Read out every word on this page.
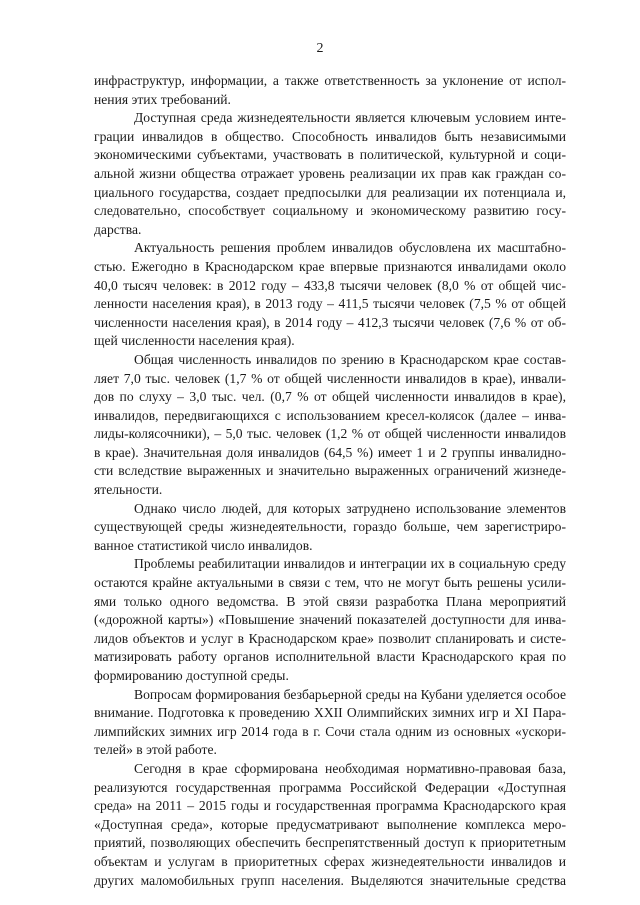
2

инфраструктур, информации, а также ответственность за уклонение от испол-
нения этих требований.

Доступная среда жизнедеятельности является ключевым условием инте-
грации инвалидов в общество. Способность инвалидов быть независимыми
экономическими субъектами, участвовать в политической, культурной и соци-
альной жизни общества отражает уровень реализации их прав как граждан со-
циального государства, создает предпосылки для реализации их потенциала и,
следовательно, способствует социальному и экономическому развитию госу-
дарства.

Актуальность решения проблем инвалидов обусловлена их масштабно-
стью. Ежегодно в Краснодарском крае впервые признаются инвалидами около
40,0 тысяч человек: в 2012 году – 433,8 тысячи человек (8,0 % от общей чис-
ленности населения края), в 2013 году – 411,5 тысячи человек (7,5 % от общей
численности населения края), в 2014 году – 412,3 тысячи человек (7,6 % от об-
щей численности населения края).

Общая численность инвалидов по зрению в Краснодарском крае состав-
ляет 7,0 тыс. человек (1,7 % от общей численности инвалидов в крае), инвали-
дов по слуху – 3,0 тыс. чел. (0,7 % от общей численности инвалидов в крае),
инвалидов, передвигающихся с использованием кресел-колясок (далее – инва-
лиды-колясочники), – 5,0 тыс. человек (1,2 % от общей численности инвалидов
в крае). Значительная доля инвалидов (64,5 %) имеет 1 и 2 группы инвалидно-
сти вследствие выраженных и значительно выраженных ограничений жизнеде-
ятельности.

Однако число людей, для которых затруднено использование элементов
существующей среды жизнедеятельности, гораздо больше, чем зарегистриро-
ванное статистикой число инвалидов.

Проблемы реабилитации инвалидов и интеграции их в социальную среду
остаются крайне актуальными в связи с тем, что не могут быть решены усили-
ями только одного ведомства. В этой связи разработка Плана мероприятий
(«дорожной карты») «Повышение значений показателей доступности для инва-
лидов объектов и услуг в Краснодарском крае» позволит спланировать и систе-
матизировать работу органов исполнительной власти Краснодарского края по
формированию доступной среды.

Вопросам формирования безбарьерной среды на Кубани уделяется особое
внимание. Подготовка к проведению XXII Олимпийских зимних игр и XI Пара-
лимпийских зимних игр 2014 года в г. Сочи стала одним из основных «ускори-
телей» в этой работе.

Сегодня в крае сформирована необходимая нормативно-правовая база,
реализуются государственная программа Российской Федерации «Доступная
среда» на 2011 – 2015 годы и государственная программа Краснодарского края
«Доступная среда», которые предусматривают выполнение комплекса меро-
приятий, позволяющих обеспечить беспрепятственный доступ к приоритетным
объектам и услугам в приоритетных сферах жизнедеятельности инвалидов и
других маломобильных групп населения. Выделяются значительные средства
